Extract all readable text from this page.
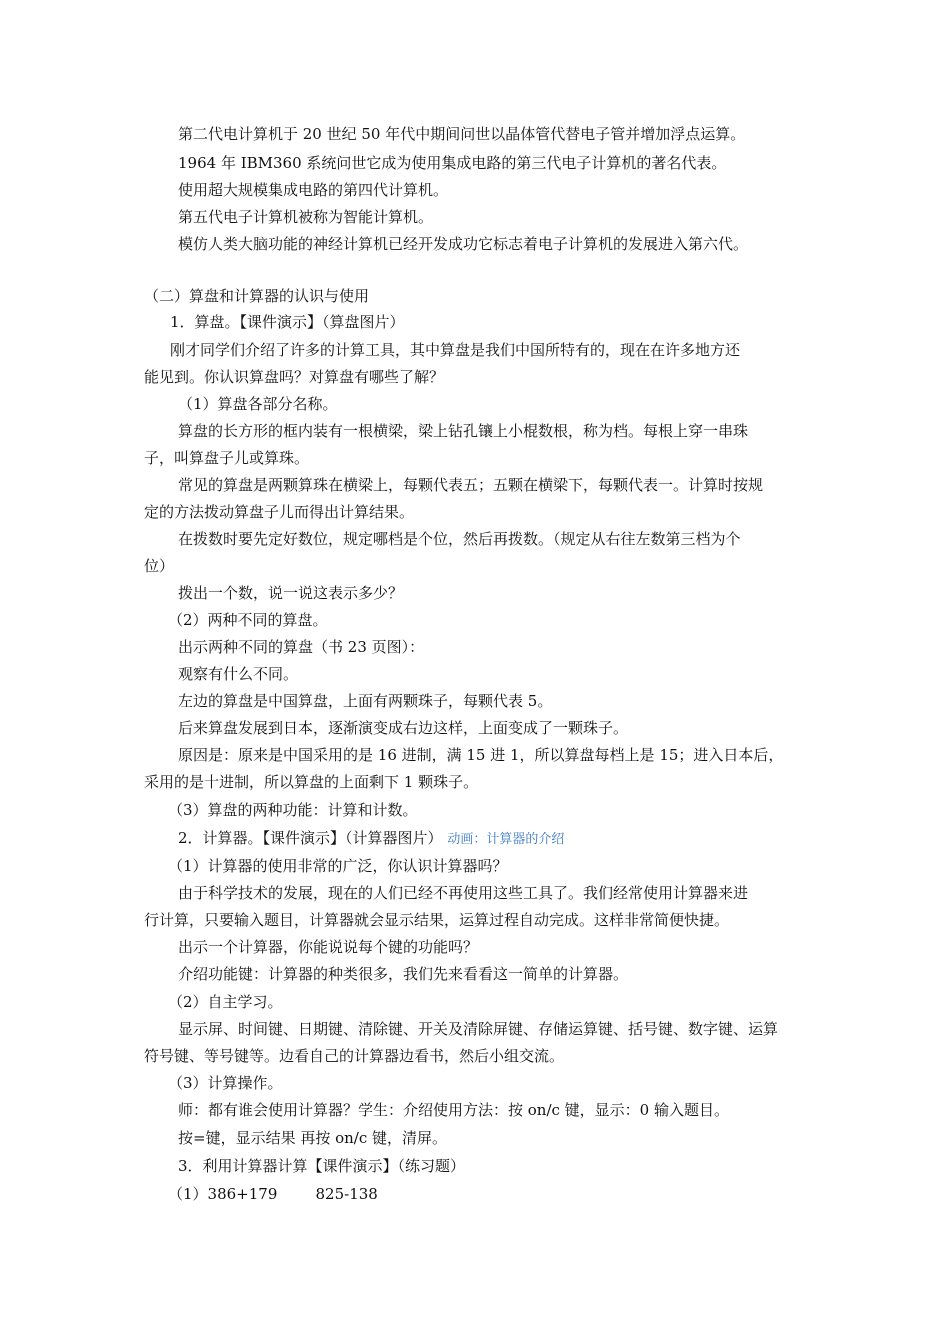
第二代电计算机于 20 世纪 50 年代中期间问世以晶体管代替电子管并增加浮点运算。
1964 年 IBM360 系统问世它成为使用集成电路的第三代电子计算机的著名代表。
使用超大规模集成电路的第四代计算机。
第五代电子计算机被称为智能计算机。
模仿人类大脑功能的神经计算机已经开发成功它标志着电子计算机的发展进入第六代。
（二）算盘和计算器的认识与使用
1．算盘。【课件演示】（算盘图片）
刚才同学们介绍了许多的计算工具，其中算盘是我们中国所特有的，现在在许多地方还
能见到。你认识算盘吗？对算盘有哪些了解？
（1）算盘各部分名称。
算盘的长方形的框内装有一根横梁，梁上钻孔镶上小棍数根，称为档。每根上穿一串珠
子，叫算盘子儿或算珠。
常见的算盘是两颗算珠在横梁上，每颗代表五；五颗在横梁下，每颗代表一。计算时按规
定的方法拨动算盘子儿而得出计算结果。
在拨数时要先定好数位，规定哪档是个位，然后再拨数。（规定从右往左数第三档为个
位）
拨出一个数，说一说这表示多少？
（2）两种不同的算盘。
出示两种不同的算盘（书 23 页图）：
观察有什么不同。
左边的算盘是中国算盘，上面有两颗珠子，每颗代表 5。
后来算盘发展到日本，逐渐演变成右边这样，上面变成了一颗珠子。
原因是：原来是中国采用的是 16 进制，满 15 进 1，所以算盘每档上是 15；进入日本后，
采用的是十进制，所以算盘的上面剩下 1 颗珠子。
（3）算盘的两种功能：计算和计数。
2．计算器。【课件演示】（计算器图片） 动画：计算器的介绍
（1）计算器的使用非常的广泛，你认识计算器吗？
由于科学技术的发展，现在的人们已经不再使用这些工具了。我们经常使用计算器来进
行计算，只要输入题目，计算器就会显示结果，运算过程自动完成。这样非常简便快捷。
出示一个计算器，你能说说每个键的功能吗？
介绍功能键：计算器的种类很多，我们先来看看这一简单的计算器。
（2）自主学习。
显示屏、时间键、日期键、清除键、开关及清除屏键、存储运算键、括号键、数字键、运算
符号键、等号键等。边看自己的计算器边看书，然后小组交流。
（3）计算操作。
师：都有谁会使用计算器？学生：介绍使用方法：按 on/c 键，显示：0 输入题目。
按=键，显示结果 再按 on/c 键，清屏。
3．利用计算器计算【课件演示】（练习题）
（1）386+179        825-138
